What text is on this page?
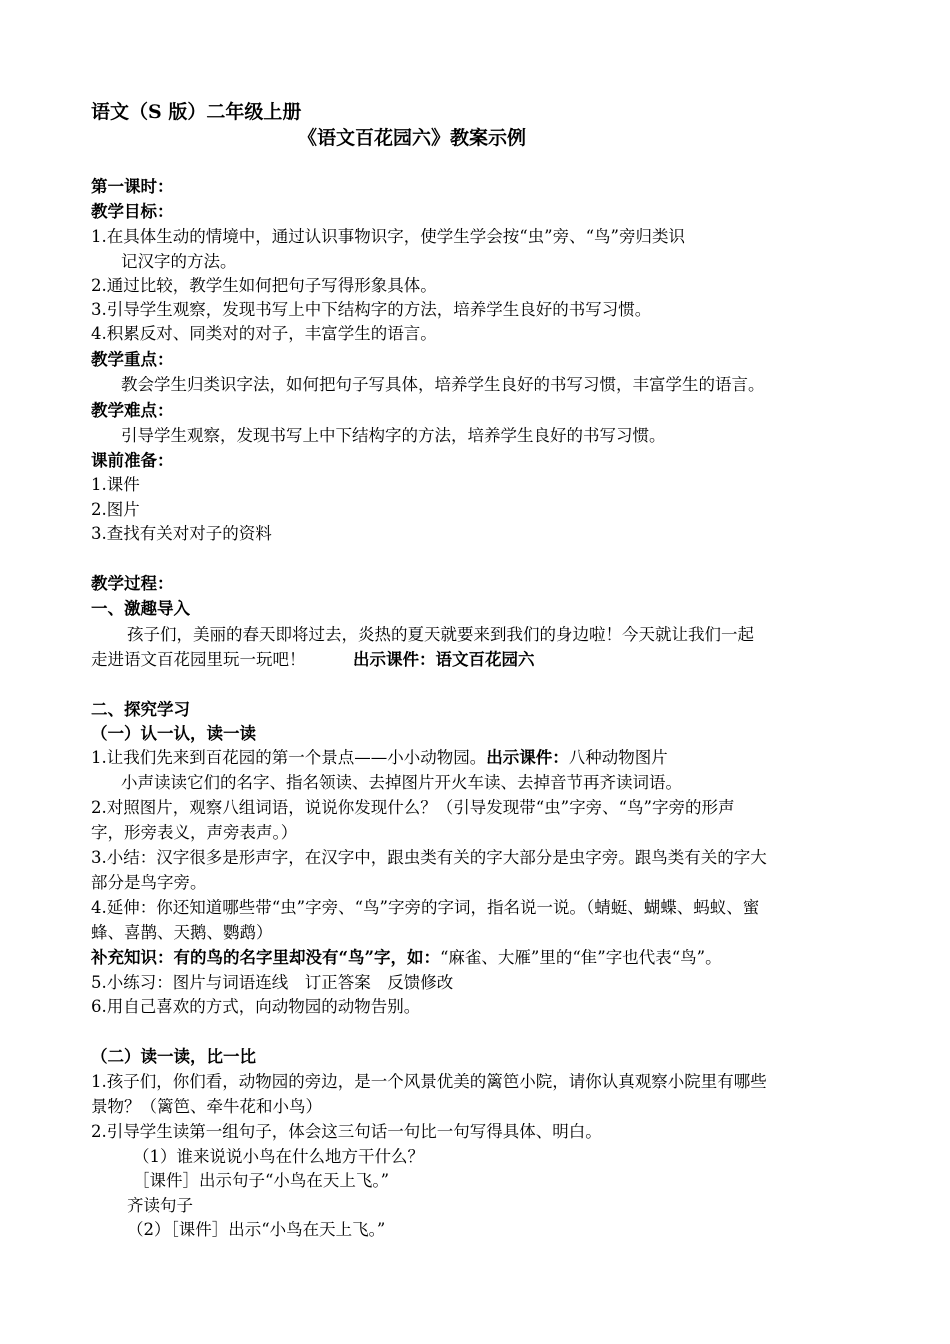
语文（S 版）二年级上册
《语文百花园六》教案示例
第一课时：
教学目标：
1.在具体生动的情境中，通过认识事物识字，使学生学会按“虫”旁、“鸟”旁归类识
记汉字的方法。
2.通过比较，教学生如何把句子写得形象具体。
3.引导学生观察，发现书写上中下结构字的方法，培养学生良好的书写习惯。
4.积累反对、同类对的对子，丰富学生的语言。
教学重点：
教会学生归类识字法，如何把句子写具体，培养学生良好的书写习惯，丰富学生的语言。
教学难点：
引导学生观察，发现书写上中下结构字的方法，培养学生良好的书写习惯。
课前准备：
1.课件
2.图片
3.查找有关对对子的资料
教学过程：
一、激趣导入
孩子们，美丽的春天即将过去，炎热的夏天就要来到我们的身边啦！今天就让我们一起
走进语文百花园里玩一玩吧！	出示课件：语文百花园六
二、探究学习
（一）认一认，读一读
1.让我们先来到百花园的第一个景点——小小动物园。出示课件：八种动物图片
小声读读它们的名字、指名领读、去掉图片开火车读、去掉音节再齐读词语。
2.对照图片，观察八组词语，说说你发现什么？（引导发现带“虫”字旁、“鸟”字旁的形声
字，形旁表义，声旁表声。）
3.小结：汉字很多是形声字，在汉字中，跟虫类有关的字大部分是虫字旁。跟鸟类有关的字大
部分是鸟字旁。
4.延伸：你还知道哪些带“虫”字旁、“鸟”字旁的字词，指名说一说。（蜻蜓、蝴蝶、蚂蚁、蜜
蜂、喜鹊、天鹅、鹦鹉）
补充知识：有的鸟的名字里却没有“鸟”字，如：“麻雀、大雁”里的“隹”字也代表“鸟”。
5.小练习：图片与词语连线　订正答案　反馈修改
6.用自己喜欢的方式，向动物园的动物告别。
（二）读一读，比一比
1.孩子们，你们看，动物园的旁边，是一个风景优美的篱笆小院，请你认真观察小院里有哪些
景物？（篱笆、牵牛花和小鸟）
2.引导学生读第一组句子，体会这三句话一句比一句写得具体、明白。
（1）谁来说说小鸟在什么地方干什么？
［课件］出示句子“小鸟在天上飞。”
齐读句子
（2）［课件］出示“小鸟在天上飞。”
